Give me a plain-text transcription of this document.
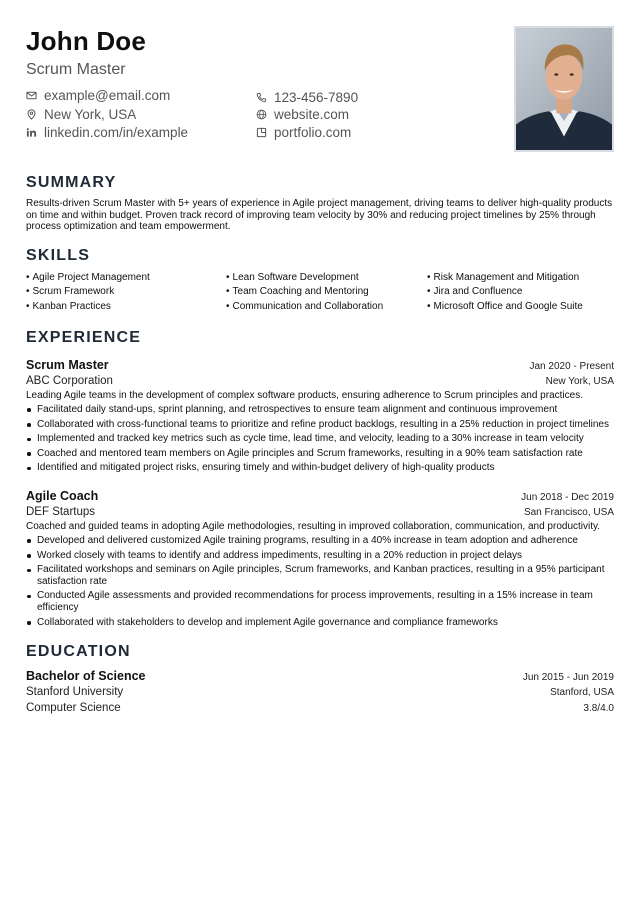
John Doe
Scrum Master
example@email.com	123-456-7890
New York, USA	website.com
linkedin.com/in/example	portfolio.com
SUMMARY
Results-driven Scrum Master with 5+ years of experience in Agile project management, driving teams to deliver high-quality products on time and within budget. Proven track record of improving team velocity by 30% and reducing project timelines by 25% through process optimization and team empowerment.
SKILLS
• Agile Project Management	• Lean Software Development	• Risk Management and Mitigation
• Scrum Framework	• Team Coaching and Mentoring	• Jira and Confluence
• Kanban Practices	• Communication and Collaboration	• Microsoft Office and Google Suite
EXPERIENCE
Scrum Master	Jan 2020 - Present
ABC Corporation	New York, USA
Leading Agile teams in the development of complex software products, ensuring adherence to Scrum principles and practices.
Facilitated daily stand-ups, sprint planning, and retrospectives to ensure team alignment and continuous improvement
Collaborated with cross-functional teams to prioritize and refine product backlogs, resulting in a 25% reduction in project timelines
Implemented and tracked key metrics such as cycle time, lead time, and velocity, leading to a 30% increase in team velocity
Coached and mentored team members on Agile principles and Scrum frameworks, resulting in a 90% team satisfaction rate
Identified and mitigated project risks, ensuring timely and within-budget delivery of high-quality products
Agile Coach	Jun 2018 - Dec 2019
DEF Startups	San Francisco, USA
Coached and guided teams in adopting Agile methodologies, resulting in improved collaboration, communication, and productivity.
Developed and delivered customized Agile training programs, resulting in a 40% increase in team adoption and adherence
Worked closely with teams to identify and address impediments, resulting in a 20% reduction in project delays
Facilitated workshops and seminars on Agile principles, Scrum frameworks, and Kanban practices, resulting in a 95% participant satisfaction rate
Conducted Agile assessments and provided recommendations for process improvements, resulting in a 15% increase in team efficiency
Collaborated with stakeholders to develop and implement Agile governance and compliance frameworks
EDUCATION
Bachelor of Science	Jun 2015 - Jun 2019
Stanford University	Stanford, USA
Computer Science	3.8/4.0
